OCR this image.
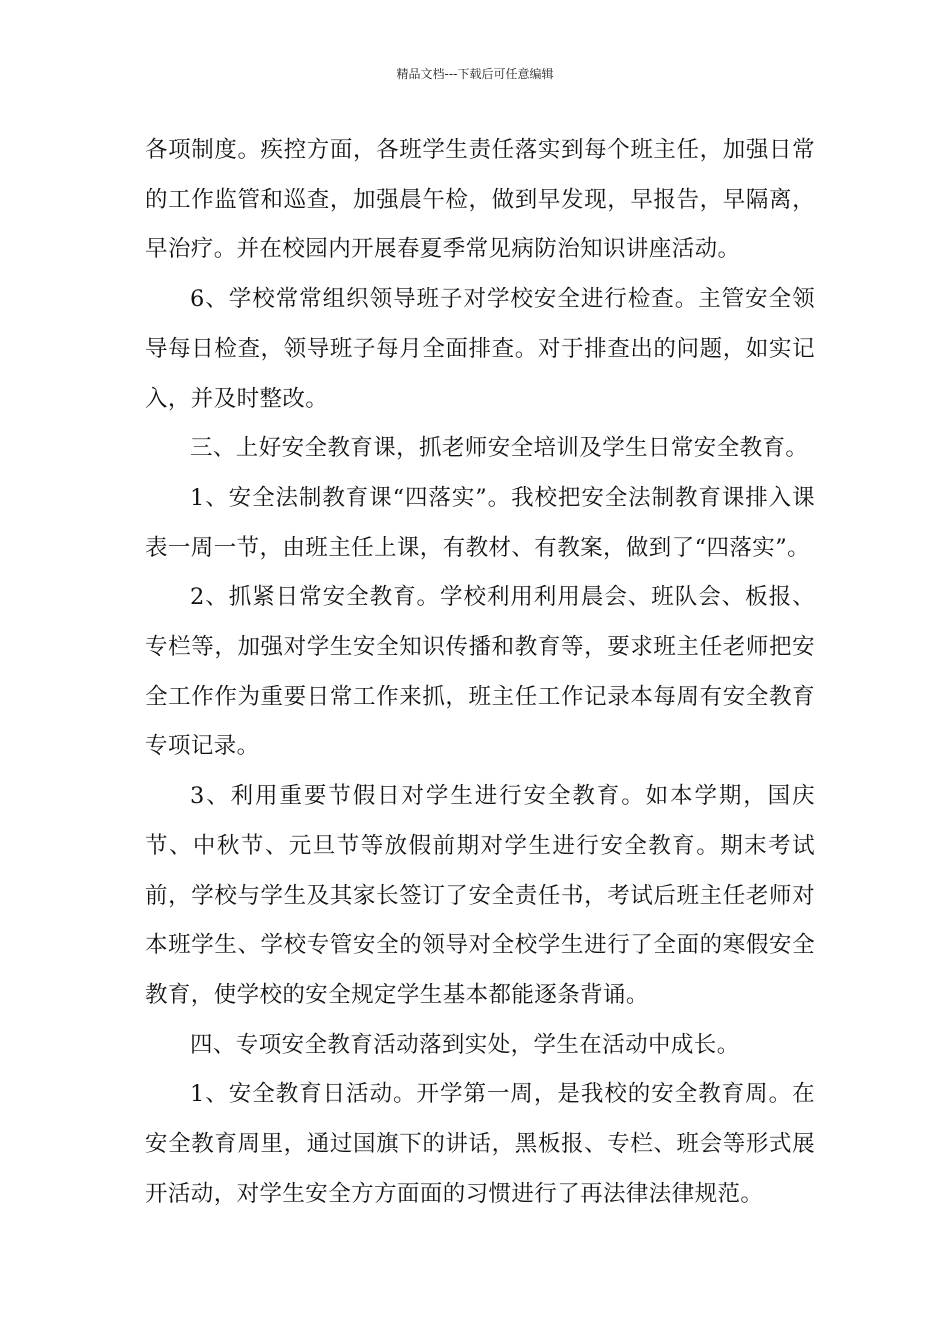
精品文档---下载后可任意编辑

各项制度。疾控方面，各班学生责任落实到每个班主任，加强日常的工作监管和巡查，加强晨午检，做到早发现，早报告，早隔离，早治疗。并在校园内开展春夏季常见病防治知识讲座活动。

6、学校常常组织领导班子对学校安全进行检查。主管安全领导每日检查，领导班子每月全面排查。对于排查出的问题，如实记入，并及时整改。

三、上好安全教育课，抓老师安全培训及学生日常安全教育。

1、安全法制教育课“四落实”。我校把安全法制教育课排入课表一周一节，由班主任上课，有教材、有教案，做到了“四落实”。

2、抓紧日常安全教育。学校利用利用晨会、班队会、板报、专栏等，加强对学生安全知识传播和教育等，要求班主任老师把安全工作作为重要日常工作来抓，班主任工作记录本每周有安全教育专项记录。

3、利用重要节假日对学生进行安全教育。如本学期，国庆节、中秋节、元旦节等放假前期对学生进行安全教育。期末考试前，学校与学生及其家长签订了安全责任书，考试后班主任老师对本班学生、学校专管安全的领导对全校学生进行了全面的寒假安全教育，使学校的安全规定学生基本都能逐条背诵。

四、专项安全教育活动落到实处，学生在活动中成长。

1、安全教育日活动。开学第一周，是我校的安全教育周。在安全教育周里，通过国旗下的讲话，黑板报、专栏、班会等形式展开活动，对学生安全方方面面的习惯进行了再法律法律规范。
